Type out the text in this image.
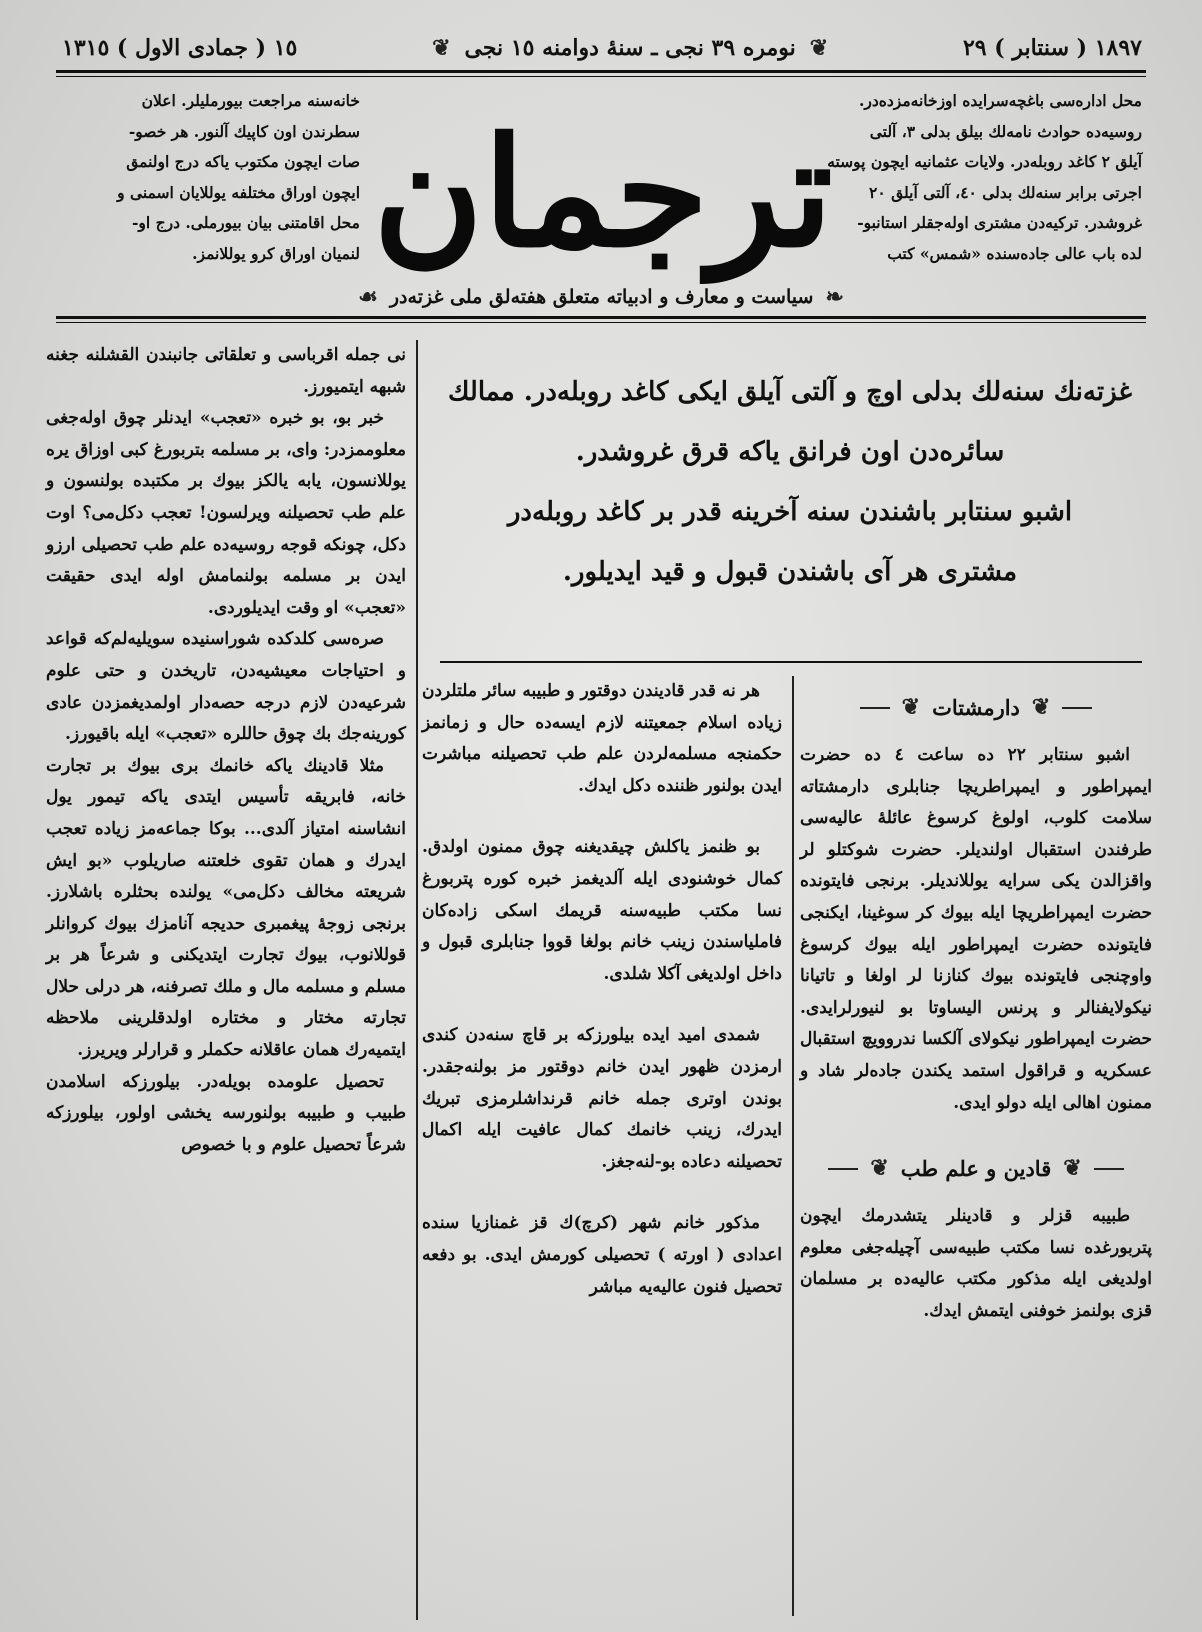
١٨٩٧ ( سنتابر ) ٢٩
❦
نومره ٣٩ نجی ـ سنهٔ دوامنه ١٥ نجی
❦
١٥ ( جمادی الاول ) ١٣١٥
محل اداره‌سی باغچه‌سرایده اوزخانه‌مزده‌در.
روسیه‌ده حوادث نامه‌لك بیلق بدلی ٣، آلتی
آیلق ٢ کاغد روبله‌در. ولایات عثمانیه ایچون پوسته
اجرتی برابر سنه‌لك بدلی ٤٠، آلتی آیلق ٢٠
غروشدر. ترکیه‌دن مشتری اوله‌جقلر استانبو-
لده باب عالی جاده‌سنده «شمس» کتب
ترجمان
خانه‌سنه مراجعت بیورملیلر. اعلان
سطرندن اون کاپیك آلنور. هر خصو-
صات ایچون مکتوب یاکه درج اولنمق
ایچون اوراق مختلفه یوللایان اسمنی و
محل اقامتنی بیان بیورملی. درج او-
لنمیان اوراق کرو یوللانمز.
❧
سیاست و معارف و ادبیاته متعلق هفته‌لق ملی غزته‌در
☙

نی جمله اقرباسی و تعلقاتی جانبندن القشلنه جغنه شبهه ایتمیورز.

خبر بو، بو خبره «تعجب» ایدنلر چوق اوله‌جغی معلوممزدر: وای، بر مسلمه بتربورغ کبی اوزاق یره یوللانسون، یابه یالکز بیوك بر مکتبده بولنسون و علم طب تحصیلنه ویرلسون! تعجب دکل‌می؟ اوت دکل، چونکه قوجه روسیه‌ده علم طب تحصیلی ارزو ایدن بر مسلمه بولنمامش اوله ایدی حقیقت «تعجب» او وقت ایدیلوردی.

صره‌سی کلدکده شوراسنیده سویلیه‌لم‌که قواعد و احتیاجات معیشیه‌دن، تاریخدن و حتی علوم شرعیه‌دن لازم درجه حصه‌دار اولمدیغمزدن عادی کورینه‌جك بك چوق حاللره «تعجب» ایله باقیورز.

مثلا قادینك یاکه خانمك بری بیوك بر تجارت خانه، فابریقه تأسیس ایتدی یاکه تیمور یول انشاسنه امتیاز آلدی... بوکا جماعه‌مز زیاده تعجب ایدرك و همان تقوی خلعتنه صاریلوب «بو ایش شریعته مخالف دکل‌می» یولنده بحثلره باشلارز. برنجی زوجهٔ پیغمبری حدیجه آنامزك بیوك کروانلر قوللانوب، بیوك تجارت ایتدیکنی و شرعاً هر بر مسلم و مسلمه مال و ملك تصرفنه، هر درلی حلال تجارته مختار و مختاره اولدقلرینی ملاحظه ایتمیه‌رك همان عاقلانه حکملر و قرارلر ویریرز.

تحصیل علومده بویله‌در. بیلورزکه اسلامدن طبیب و طبیبه بولنورسه یخشی اولور، بیلورزکه شرعاً تحصیل علوم و با خصوص

غزته‌نك سنه‌لك بدلی اوچ و آلتی آیلق ایکی کاغد روبله‌در. ممالك
سائره‌دن اون فرانق یاکه قرق غروشدر.
اشبو سنتابر باشندن سنه آخرینه قدر بر کاغد روبله‌در
مشتری هر آی باشندن قبول و قید ایدیلور.

هر نه قدر قادیندن دوقتور و طبیبه سائر ملتلردن زیاده اسلام جمعیتنه لازم ایسه‌ده حال و زمانمز حکمنجه مسلمه‌لردن علم طب تحصیلنه مباشرت ایدن بولنور ظننده دکل ایدك.

بو ظنمز یاکلش چیقدیغنه چوق ممنون اولدق. کمال خوشنودی ایله آلدیغمز خبره کوره پتربورغ نسا مکتب طبیه‌سنه قریمك اسکی زاده‌کان فاملیاسندن زینب خانم بولغا قووا جنابلری قبول و داخل اولدیغی آکلا شلدی.

شمدی امید ایده بیلورزکه بر قاچ سنه‌دن کندی ارمزدن ظهور ایدن خانم دوقتور مز بولنه‌جقدر. بوندن اوتری جمله خانم قرنداشلرمزی تبریك ایدرك، زینب خانمك کمال عافیت ایله اکمال تحصیلنه دعاده بو-لنه‌جغز.

مذکور خانم شهر (کرچ)‌ك قز غمنازیا سنده اعدادی ( اورته ) تحصیلی کورمش ایدی. بو دفعه تحصیل فنون عالیه‌یه مباشر

❦
دارمشتات
❦

اشبو سنتابر ٢٢ ده ساعت ٤ ده حضرت ایمپراطور و ایمپراطریچا جنابلری دارمشتاته سلامت کلوب، اولوغ کرسوغ عائلهٔ عالیه‌سی طرفندن استقبال اولندیلر. حضرت شوکتلو لر واقزالدن یکی سرایه یوللاندیلر. برنجی فایتونده حضرت ایمپراطریچا ایله بیوك کر سوغینا، ایکنجی فایتونده حضرت ایمپراطور ایله بیوك کرسوغ واوچنجی فایتونده بیوك کنازنا لر اولغا و تاتیانا نیکولایفنالر و پرنس الیساوتا بو لنیورلرایدی. حضرت ایمپراطور نیکولای آلکسا ندروویچ استقبال عسکریه و قراقول استمد یکندن جاده‌لر شاد و ممنون اهالی ایله دولو ایدی.

❦
قادین و علم طب
❦

طبیبه قزلر و قادینلر یتشدرمك ایچون پتربورغده نسا مکتب طبیه‌سی آچیله‌جغی معلوم اولدیغی ایله مذکور مکتب عالیه‌ده بر مسلمان قزی بولنمز خوفنی ایتمش ایدك.
